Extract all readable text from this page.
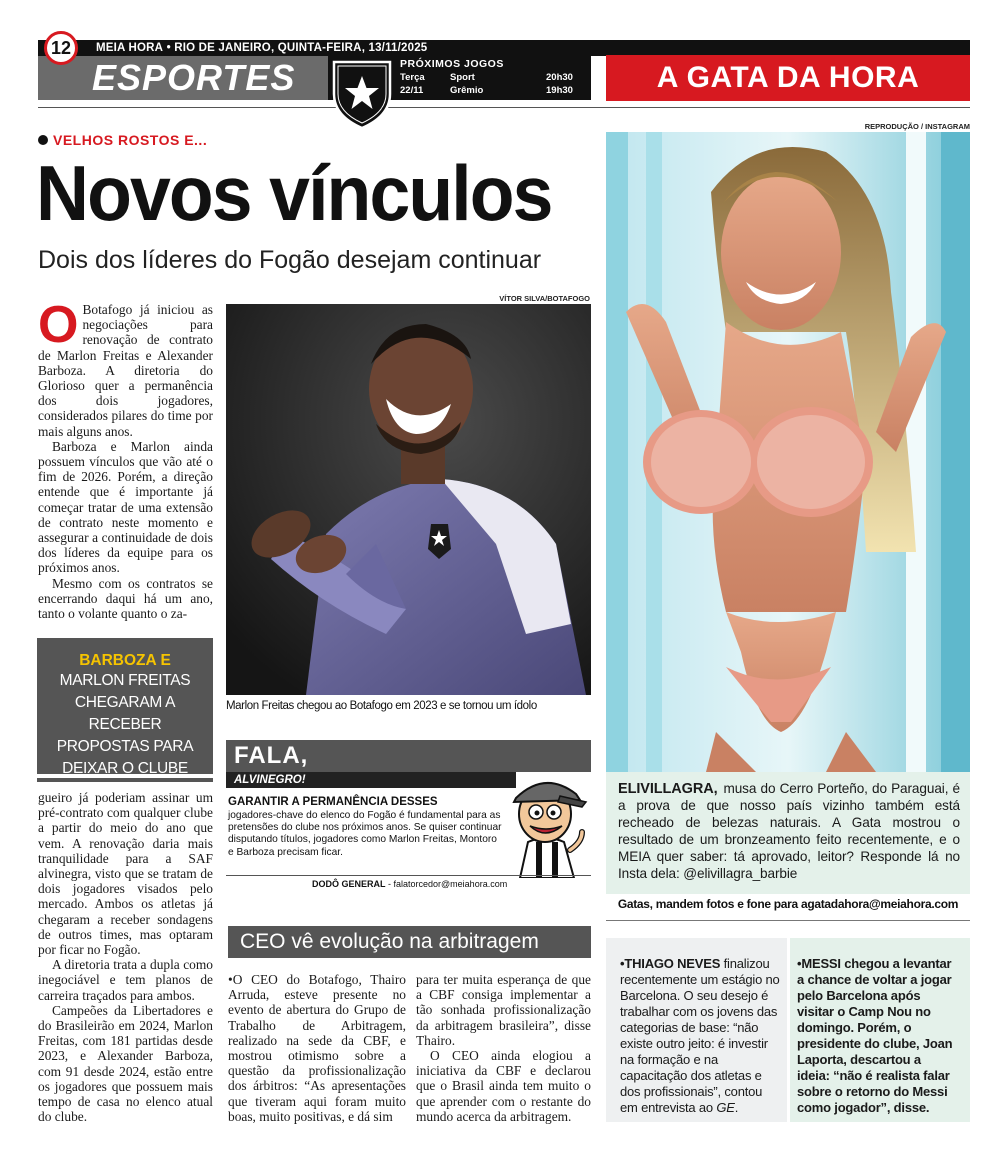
12	MEIA HORA • RIO DE JANEIRO, QUINTA-FEIRA, 13/11/2025
ESPORTES	PRÓXIMOS JOGOS
Terça	Sport	20h30
22/11	Grêmio	19h30	A GATA DA HORA
VELHOS ROSTOS E...
Novos vínculos
Dois dos líderes do Fogão desejam continuar

O Botafogo já iniciou as negociações para renovação de contrato de Marlon Freitas e Alexander Barboza. A diretoria do Glorioso quer a permanência dos dois jogadores, considerados pilares do time por mais alguns anos.

Barboza e Marlon ainda possuem vínculos que vão até o fim de 2026. Porém, a direção entende que é importante já começar tratar de uma extensão de contrato neste momento e assegurar a continuidade de dois dos líderes da equipe para os próximos anos.

Mesmo com os contratos se encerrando daqui há um ano, tanto o volante quanto o za-

BARBOZA E
MARLON FREITAS
CHEGARAM A RECEBER
PROPOSTAS PARA
DEIXAR O CLUBE

gueiro já poderiam assinar um pré-contrato com qualquer clube a partir do meio do ano que vem. A renovação daria mais tranquilidade para a SAF alvinegra, visto que se tratam de dois jogadores visados pelo mercado. Ambos os atletas já chegaram a receber sondagens de outros times, mas optaram por ficar no Fogão.

A diretoria trata a dupla como inegociável e tem planos de carreira traçados para ambos.

Campeões da Libertadores e do Brasileirão em 2024, Marlon Freitas, com 181 partidas desde 2023, e Alexander Barboza, com 91 desde 2024, estão entre os jogadores que possuem mais tempo de casa no elenco atual do clube.

VÍTOR SILVA/BOTAFOGO
Marlon Freitas chegou ao Botafogo em 2023 e se tornou um ídolo
FALA,
ALVINEGRO!
GARANTIR A PERMANÊNCIA DESSES
jogadores-chave do elenco do Fogão é fundamental para as pretensões do clube nos próximos anos. Se quiser continuar disputando títulos, jogadores como Marlon Freitas, Montoro e Barboza precisam ficar.
DODÔ GENERAL - falatorcedor@meiahora.com
CEO vê evolução na arbitragem

•O CEO do Botafogo, Thairo Arruda, esteve presente no evento de abertura do Grupo de Trabalho de Arbitragem, realizado na sede da CBF, e mostrou otimismo sobre a questão da profissionalização dos árbitros: “As apresentações que tiveram aqui foram muito boas, muito positivas, e dá sim

para ter muita esperança de que a CBF consiga implementar a tão sonhada profissionalização da arbitragem brasileira”, disse Thairo.

O CEO ainda elogiou a iniciativa da CBF e declarou que o Brasil ainda tem muito o que aprender com o restante do mundo acerca da arbitragem.

REPRODUÇÃO / INSTAGRAM
ELIVILLAGRA, musa do Cerro Porteño, do Paraguai, é a prova de que nosso país vizinho também está recheado de belezas naturais. A Gata mostrou o resultado de um bronzeamento feito recentemente, e o MEIA quer saber: tá aprovado, leitor? Responde lá no Insta dela: @elivillagra_barbie
Gatas, mandem fotos e fone para agatadahora@meiahora.com
•THIAGO NEVES finalizou recentemente um estágio no Barcelona. O seu desejo é trabalhar com os jovens das categorias de base: “não existe outro jeito: é investir na formação e na capacitação dos atletas e dos profissionais”, contou em entrevista ao GE.
•MESSI chegou a levantar a chance de voltar a jogar pelo Barcelona após visitar o Camp Nou no domingo. Porém, o presidente do clube, Joan Laporta, descartou a ideia: “não é realista falar sobre o retorno do Messi como jogador”, disse.
